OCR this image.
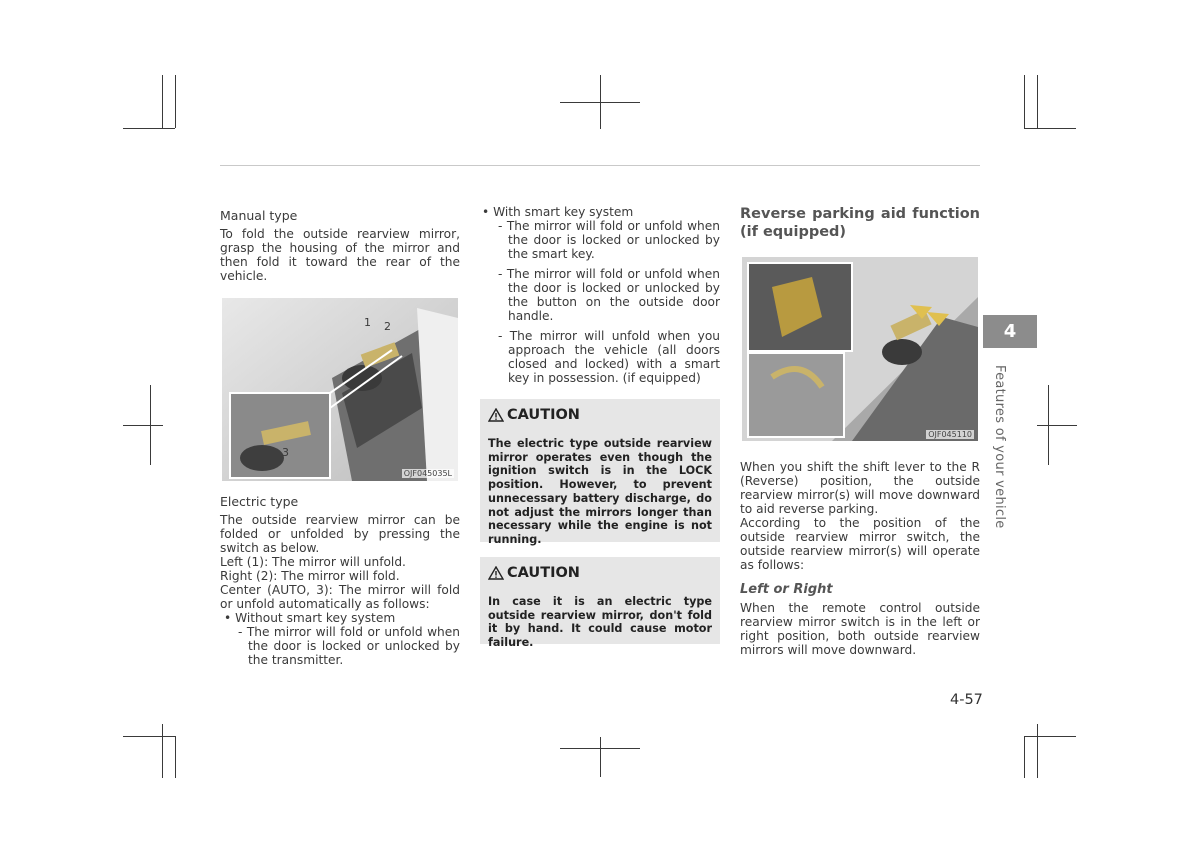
Manual type

To fold the outside rearview mirror, grasp the housing of the mirror and then fold it toward the rear of the vehicle.

1 2
3
OJF045035L

Electric type

The outside rearview mirror can be folded or unfolded by pressing the switch as below.

Left (1): The mirror will unfold.

Right (2): The mirror will fold.

Center (AUTO, 3): The mirror will fold or unfold automatically as follows:

• Without smart key system

- The mirror will fold or unfold when the door is locked or unlocked by the transmitter.

• With smart key system

- The mirror will fold or unfold when the door is locked or unlocked by the smart key.

- The mirror will fold or unfold when the door is locked or unlocked by the button on the outside door handle.

- The mirror will unfold when you approach the vehicle (all doors closed and locked) with a smart key in possession. (if equipped)

CAUTION

The electric type outside rearview mirror operates even though the ignition switch is in the LOCK position. However, to prevent unnecessary battery discharge, do not adjust the mirrors longer than necessary while the engine is not running.

CAUTION

In case it is an electric type outside rearview mirror, don't fold it by hand. It could cause motor failure.

Reverse parking aid function (if equipped)

OJF045110

When you shift the shift lever to the R (Reverse) position, the outside rearview mirror(s) will move downward to aid reverse parking.

According to the position of the outside rearview mirror switch, the outside rearview mirror(s) will operate as follows:

Left or Right

When the remote control outside rearview mirror switch is in the left or right position, both outside rearview mirrors will move downward.

4
Features of your vehicle
4-57
